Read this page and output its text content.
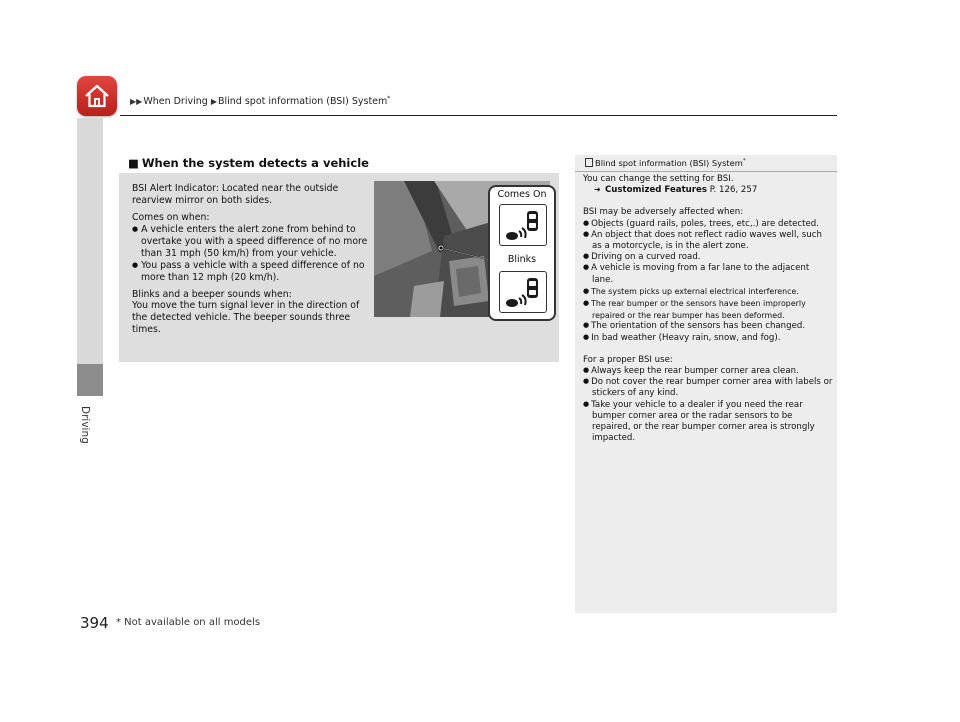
Driving
▶▶When Driving ▶Blind spot information (BSI) System*
■ When the system detects a vehicle

BSI Alert Indicator: Located near the outside rearview mirror on both sides.

Comes on when:

● A vehicle enters the alert zone from behind to overtake you with a speed difference of no more than 31 mph (50 km/h) from your vehicle.
● You pass a vehicle with a speed difference of no more than 12 mph (20 km/h).

Blinks and a beeper sounds when:

You move the turn signal lever in the direction of the detected vehicle. The beeper sounds three times.

Comes On
Blinks
Blind spot information (BSI) System*

You can change the setting for BSI.

➜ Customized Features P. 126, 257

BSI may be adversely affected when:

● Objects (guard rails, poles, trees, etc,.) are detected.
● An object that does not reflect radio waves well, such as a motorcycle, is in the alert zone.
● Driving on a curved road.
● A vehicle is moving from a far lane to the adjacent lane.
● The system picks up external electrical interference.
● The rear bumper or the sensors have been improperly repaired or the rear bumper has been deformed.
● The orientation of the sensors has been changed.
● In bad weather (Heavy rain, snow, and fog).

For a proper BSI use:

● Always keep the rear bumper corner area clean.
● Do not cover the rear bumper corner area with labels or stickers of any kind.
● Take your vehicle to a dealer if you need the rear bumper corner area or the radar sensors to be repaired, or the rear bumper corner area is strongly impacted.
394 * Not available on all models
